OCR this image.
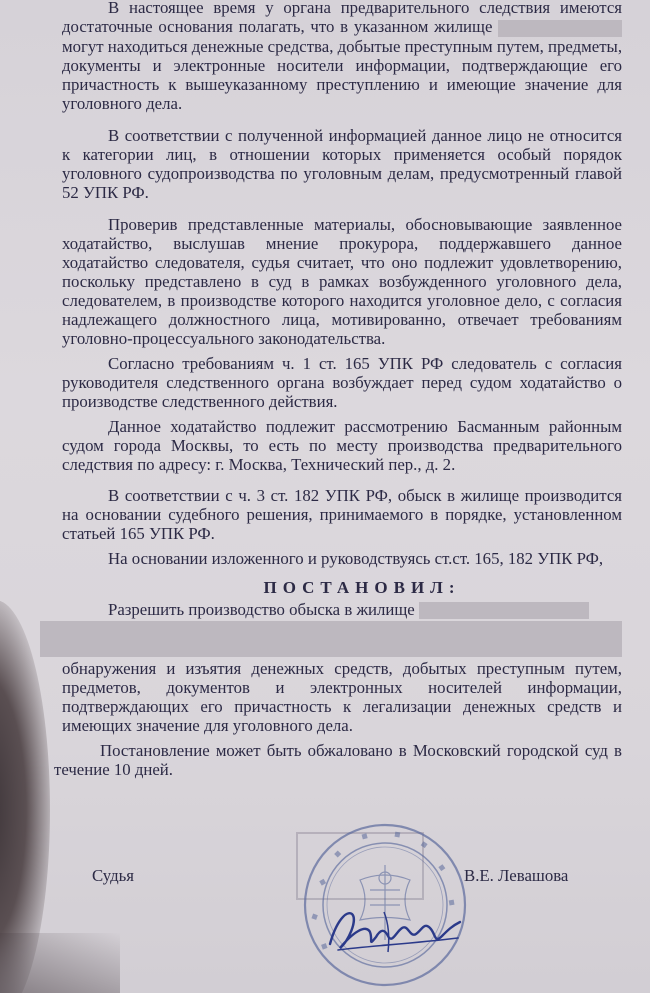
В настоящее время у органа предварительного следствия имеются достаточные основания полагать, что в указанном жилище   могут находиться денежные средства, добытые преступным путем, предметы, документы и электронные носители информации, подтверждающие его причастность к вышеуказанному преступлению и имеющие значение для уголовного дела.

В соответствии с полученной информацией данное лицо не относится к категории лиц, в отношении которых применяется особый порядок уголовного судопроизводства по уголовным делам, предусмотренный главой 52 УПК РФ.

Проверив представленные материалы, обосновывающие заявленное ходатайство, выслушав мнение прокурора, поддержавшего данное ходатайство следователя, судья считает, что оно подлежит удовлетворению, поскольку представлено в суд в рамках возбужденного уголовного дела, следователем, в производстве которого находится уголовное дело, с согласия надлежащего должностного лица, мотивированно, отвечает требованиям уголовно-процессуального законодательства.

Согласно требованиям ч. 1 ст. 165 УПК РФ следователь с согласия руководителя следственного органа возбуждает перед судом ходатайство о производстве следственного действия.

Данное ходатайство подлежит рассмотрению Басманным районным судом города Москвы, то есть по месту производства предварительного следствия по адресу: г. Москва, Технический пер., д. 2.

В соответствии с ч. 3 ст. 182 УПК РФ, обыск в жилище производится на основании судебного решения, принимаемого в порядке, установленном статьей 165 УПК РФ.

На основании изложенного и руководствуясь ст.ст. 165, 182 УПК РФ,

ПОСТАНОВИЛ:

Разрешить производство обыска в жилище

обнаружения и изъятия денежных средств, добытых преступным путем, предметов, документов и электронных носителей информации, подтверждающих его причастность к легализации денежных средств и имеющих значение для уголовного дела.

Постановление может быть обжаловано в Московский городской суд в течение 10 дней.

Судья	В.Е. Левашова
